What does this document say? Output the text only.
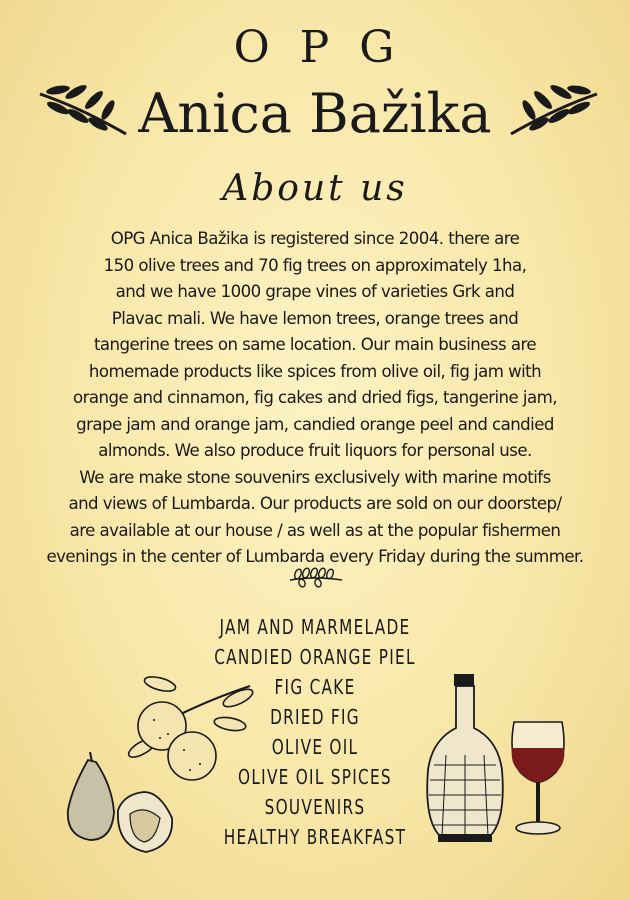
OPG
Anica Bažika
About us
OPG Anica Bažika is registered since 2004. there are
150 olive trees and 70 fig trees on approximately 1ha,
and we have 1000 grape vines of varieties Grk and
Plavac mali. We have lemon trees, orange trees and
tangerine trees on same location. Our main business are
homemade products like spices from olive oil, fig jam with
orange and cinnamon, fig cakes and dried figs, tangerine jam,
grape jam and orange jam, candied orange peel and candied
almonds. We also produce fruit liquors for personal use.
We are make stone souvenirs exclusively with marine motifs
and views of Lumbarda. Our products are sold on our doorstep/
are available at our house / as well as at the popular fishermen
evenings in the center of Lumbarda every Friday during the summer.
JAM AND MARMELADE
CANDIED ORANGE PIEL
FIG CAKE
DRIED FIG
OLIVE OIL
OLIVE OIL SPICES
SOUVENIRS
HEALTHY BREAKFAST
